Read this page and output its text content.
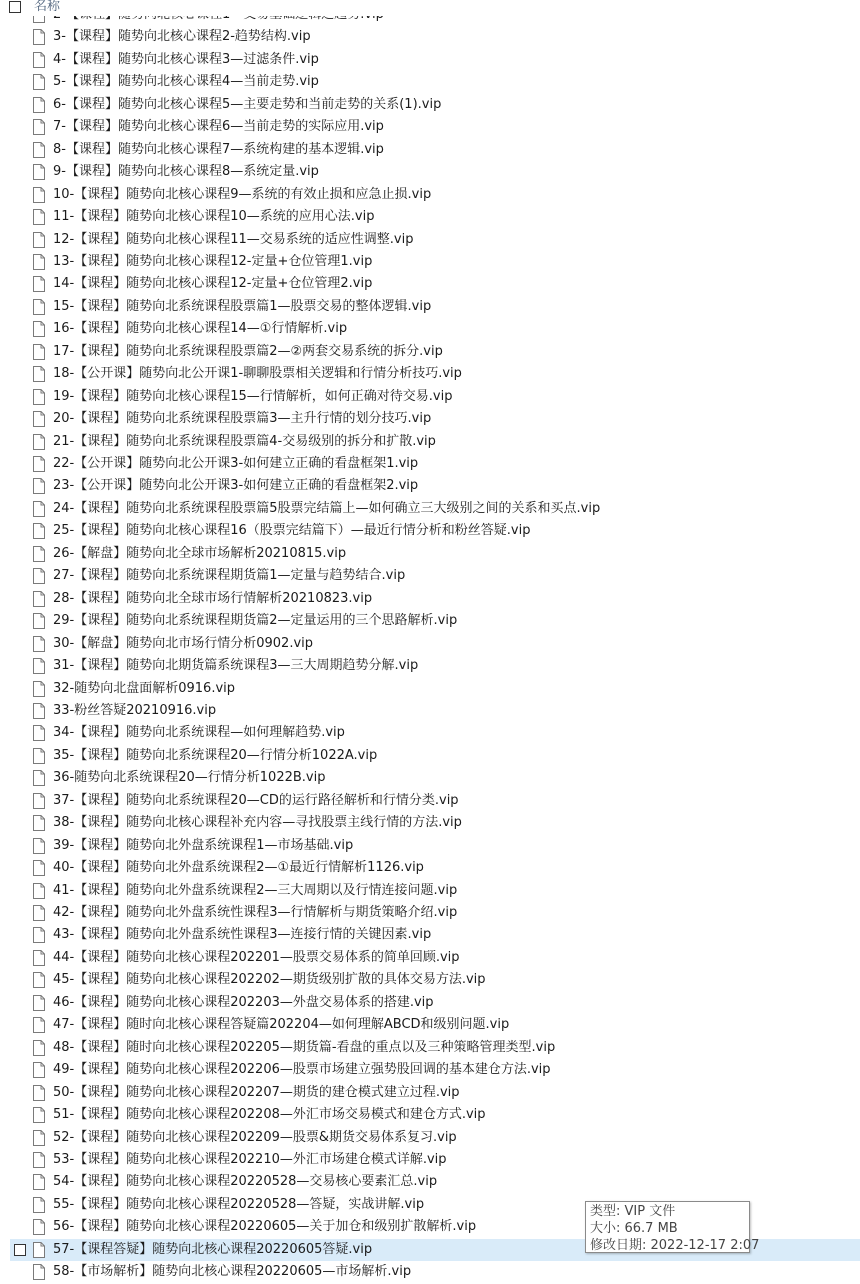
名称
3-【课程】随势向北核心课程2-趋势结构.vip
4-【课程】随势向北核心课程3—过滤条件.vip
5-【课程】随势向北核心课程4—当前走势.vip
6-【课程】随势向北核心课程5—主要走势和当前走势的关系(1).vip
7-【课程】随势向北核心课程6—当前走势的实际应用.vip
8-【课程】随势向北核心课程7—系统构建的基本逻辑.vip
9-【课程】随势向北核心课程8—系统定量.vip
10-【课程】随势向北核心课程9—系统的有效止损和应急止损.vip
11-【课程】随势向北核心课程10—系统的应用心法.vip
12-【课程】随势向北核心课程11—交易系统的适应性调整.vip
13-【课程】随势向北核心课程12-定量+仓位管理1.vip
14-【课程】随势向北核心课程12-定量+仓位管理2.vip
15-【课程】随势向北系统课程股票篇1—股票交易的整体逻辑.vip
16-【课程】随势向北核心课程14—①行情解析.vip
17-【课程】随势向北系统课程股票篇2—②两套交易系统的拆分.vip
18-【公开课】随势向北公开课1-聊聊股票相关逻辑和行情分析技巧.vip
19-【课程】随势向北核心课程15—行情解析，如何正确对待交易.vip
20-【课程】随势向北系统课程股票篇3—主升行情的划分技巧.vip
21-【课程】随势向北系统课程股票篇4-交易级别的拆分和扩散.vip
22-【公开课】随势向北公开课3-如何建立正确的看盘框架1.vip
23-【公开课】随势向北公开课3-如何建立正确的看盘框架2.vip
24-【课程】随势向北系统课程股票篇5股票完结篇上—如何确立三大级别之间的关系和买点.vip
25-【课程】随势向北核心课程16（股票完结篇下）—最近行情分析和粉丝答疑.vip
26-【解盘】随势向北全球市场解析20210815.vip
27-【课程】随势向北系统课程期货篇1—定量与趋势结合.vip
28-【课程】随势向北全球市场行情解析20210823.vip
29-【课程】随势向北系统课程期货篇2—定量运用的三个思路解析.vip
30-【解盘】随势向北市场行情分析0902.vip
31-【课程】随势向北期货篇系统课程3—三大周期趋势分解.vip
32-随势向北盘面解析0916.vip
33-粉丝答疑20210916.vip
34-【课程】随势向北系统课程—如何理解趋势.vip
35-【课程】随势向北系统课程20—行情分析1022A.vip
36-随势向北系统课程20—行情分析1022B.vip
37-【课程】随势向北系统课程20—CD的运行路径解析和行情分类.vip
38-【课程】随势向北核心课程补充内容—寻找股票主线行情的方法.vip
39-【课程】随势向北外盘系统课程1—市场基础.vip
40-【课程】随势向北外盘系统课程2—①最近行情解析1126.vip
41-【课程】随势向北外盘系统课程2—三大周期以及行情连接问题.vip
42-【课程】随势向北外盘系统性课程3—行情解析与期货策略介绍.vip
43-【课程】随势向北外盘系统性课程3—连接行情的关键因素.vip
44-【课程】随势向北核心课程202201—股票交易体系的简单回顾.vip
45-【课程】随势向北核心课程202202—期货级别扩散的具体交易方法.vip
46-【课程】随势向北核心课程202203—外盘交易体系的搭建.vip
47-【课程】随时向北核心课程答疑篇202204—如何理解ABCD和级别问题.vip
48-【课程】随时向北核心课程202205—期货篇-看盘的重点以及三种策略管理类型.vip
49-【课程】随势向北核心课程202206—股票市场建立强势股回调的基本建仓方法.vip
50-【课程】随势向北核心课程202207—期货的建仓模式建立过程.vip
51-【课程】随势向北核心课程202208—外汇市场交易模式和建仓方式.vip
52-【课程】随势向北核心课程202209—股票&期货交易体系复习.vip
53-【课程】随势向北核心课程202210—外汇市场建仓模式详解.vip
54-【课程】随势向北核心课程20220528—交易核心要素汇总.vip
55-【课程】随势向北核心课程20220528—答疑，实战讲解.vip
56-【课程】随势向北核心课程20220605—关于加仓和级别扩散解析.vip
57-【课程答疑】随势向北核心课程20220605答疑.vip
58-【市场解析】随势向北核心课程20220605—市场解析.vip
类型: VIP 文件
大小: 66.7 MB
修改日期: 2022-12-17 2:07
